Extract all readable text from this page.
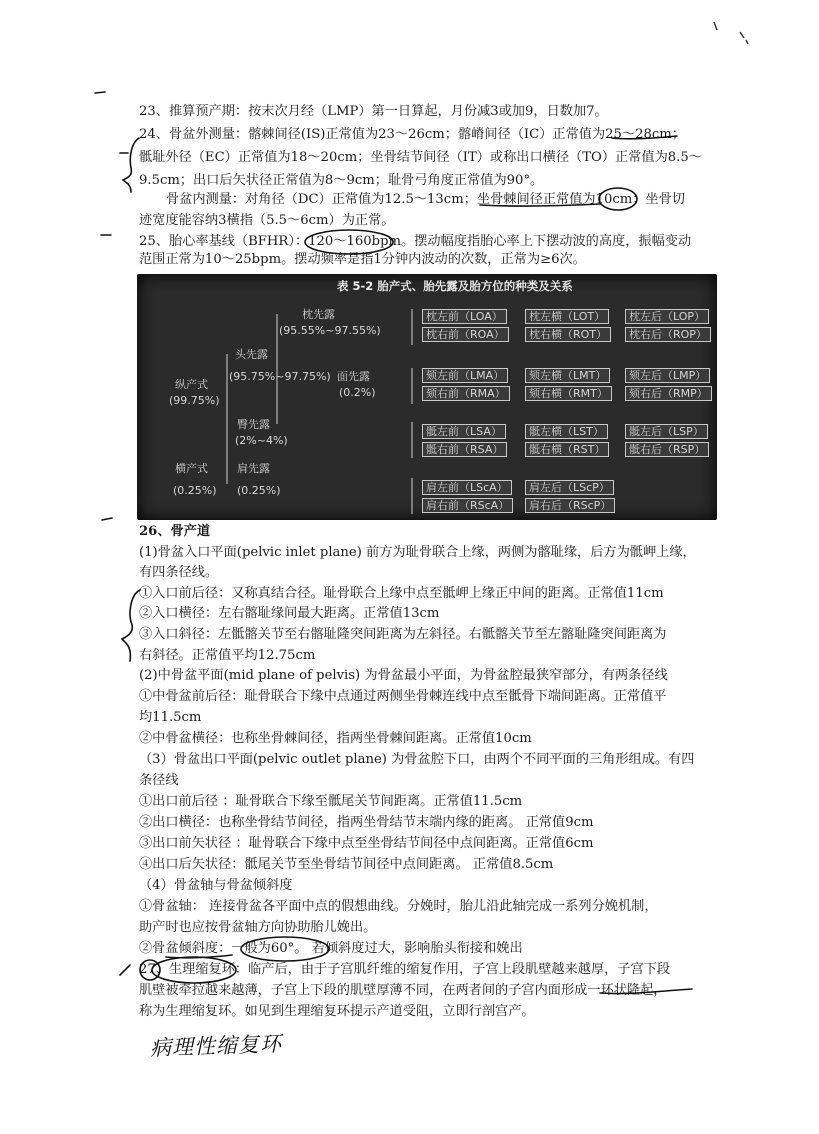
23、推算预产期：按末次月经（LMP）第一日算起，月份减3或加9，日数加7。
24、骨盆外测量：髂棘间径(IS)正常值为23～26cm；髂嵴间径（IC）正常值为25～28cm；
骶耻外径（EC）正常值为18～20cm；坐骨结节间径（IT）或称出口横径（TO）正常值为8.5～
9.5cm；出口后矢状径正常值为8～9cm；耻骨弓角度正常值为90°。
骨盆内测量：对角径（DC）正常值为12.5～13cm；坐骨棘间径正常值为10cm；坐骨切
迹宽度能容纳3横指（5.5～6cm）为正常。
25、胎心率基线（BFHR）：120～160bpm。摆动幅度指胎心率上下摆动波的高度，振幅变动
范围正常为10～25bpm。摆动频率是指1分钟内波动的次数，正常为≥6次。
表 5-2 胎产式、胎先露及胎方位的种类及关系
枕先露
(95.55%~97.55%)
枕左前（LOA）	枕左横（LOT）	枕左后（LOP）
枕右前（ROA）	枕右横（ROT）	枕右后（ROP）
纵产式
(99.75%)
头先露
(95.75%~97.75%) 面先露
(0.2%)
颏左前（LMA）	颏左横（LMT）	颏左后（LMP）
颏右前（RMA）	颏右横（RMT）	颏右后（RMP）
臀先露
(2%~4%)
骶左前（LSA）	骶左横（LST）	骶左后（LSP）
骶右前（RSA）	骶右横（RST）	骶右后（RSP）
横产式
(0.25%)
肩先露
(0.25%)	肩左前（LScA）	肩左后（LScP）
肩右前（RScA）	肩右后（RScP）
26、骨产道
(1)骨盆入口平面(pelvic inlet plane) 前方为耻骨联合上缘，两侧为髂耻缘，后方为骶岬上缘，
有四条径线。
①入口前后径：又称真结合径。耻骨联合上缘中点至骶岬上缘正中间的距离。正常值11cm
②入口横径：左右髂耻缘间最大距离。正常值13cm
③入口斜径：左骶髂关节至右髂耻隆突间距离为左斜径。右骶髂关节至左髂耻隆突间距离为
右斜径。正常值平均12.75cm
(2)中骨盆平面(mid plane of pelvis) 为骨盆最小平面，为骨盆腔最狭窄部分，有两条径线
①中骨盆前后径：耻骨联合下缘中点通过两侧坐骨棘连线中点至骶骨下端间距离。正常值平
均11.5cm
②中骨盆横径：也称坐骨棘间径，指两坐骨棘间距离。正常值10cm
（3）骨盆出口平面(pelvic outlet plane) 为骨盆腔下口，由两个不同平面的三角形组成。有四
条径线
①出口前后径 ：耻骨联合下缘至骶尾关节间距离。正常值11.5cm
②出口横径：也称坐骨结节间径，指两坐骨结节末端内缘的距离。 正常值9cm
③出口前矢状径 ：耻骨联合下缘中点至坐骨结节间径中点间距离。正常值6cm
④出口后矢状径：骶尾关节至坐骨结节间径中点间距离。 正常值8.5cm
（4）骨盆轴与骨盆倾斜度
①骨盆轴： 连接骨盆各平面中点的假想曲线。分娩时，胎儿沿此轴完成一系列分娩机制，
助产时也应按骨盆轴方向协助胎儿娩出。
②骨盆倾斜度：一般为60°。 若倾斜度过大，影响胎头衔接和娩出
27、生理缩复环：临产后，由于子宫肌纤维的缩复作用，子宫上段肌壁越来越厚，子宫下段
肌壁被牵拉越来越薄，子宫上下段的肌壁厚薄不同，在两者间的子宫内面形成一环状隆起，
称为生理缩复环。如见到生理缩复环提示产道受阻，立即行剖宫产。
病理性缩复环
